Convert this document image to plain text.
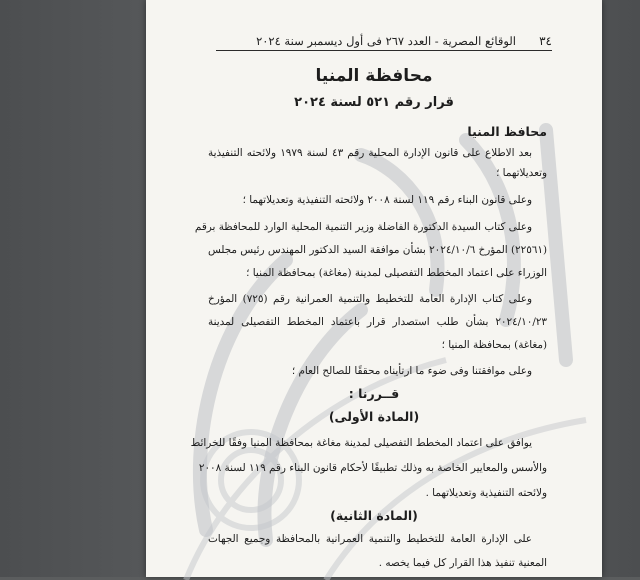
٣٤
الوقائع المصرية - العدد ٢٦٧ فى أول ديسمبر سنة ٢٠٢٤
محافظة المنيا
قرار رقم ٥٢١ لسنة ٢٠٢٤
محافظ المنيا
بعد الاطلاع على قانون الإدارة المحلية رقم ٤٣ لسنة ١٩٧٩ ولائحته التنفيذية
وتعديلاتهما ؛
وعلى قانون البناء رقم ١١٩ لسنة ٢٠٠٨ ولائحته التنفيذية وتعديلاتهما ؛
وعلى كتاب السيدة الدكتورة الفاضلة وزير التنمية المحلية الوارد للمحافظة برقم
(٢٢٥٦١) المؤرخ ٢٠٢٤/١٠/٦ بشأن موافقة السيد الدكتور المهندس رئيس مجلس
الوزراء على اعتماد المخطط التفصيلى لمدينة (مغاغة) بمحافظة المنيا ؛
وعلى كتاب الإدارة العامة للتخطيط والتنمية العمرانية رقم (٧٢٥) المؤرخ
٢٠٢٤/١٠/٢٣ بشأن طلب استصدار قرار باعتماد المخطط التفصيلى لمدينة
(مغاغة) بمحافظة المنيا ؛
وعلى موافقتنا وفى ضوء ما ارتأيناه محققًا للصالح العام ؛
قــررنا :
(المادة الأولى)
يوافق على اعتماد المخطط التفصيلى لمدينة مغاغة بمحافظة المنيا وفقًا للخرائط
والأسس والمعايير الخاصة به وذلك تطبيقًا لأحكام قانون البناء رقم ١١٩ لسنة ٢٠٠٨
ولائحته التنفيذية وتعديلاتهما .
(المادة الثانية)
على الإدارة العامة للتخطيط والتنمية العمرانية بالمحافظة وجميع الجهات
المعنية تنفيذ هذا القرار كل فيما يخصه .
